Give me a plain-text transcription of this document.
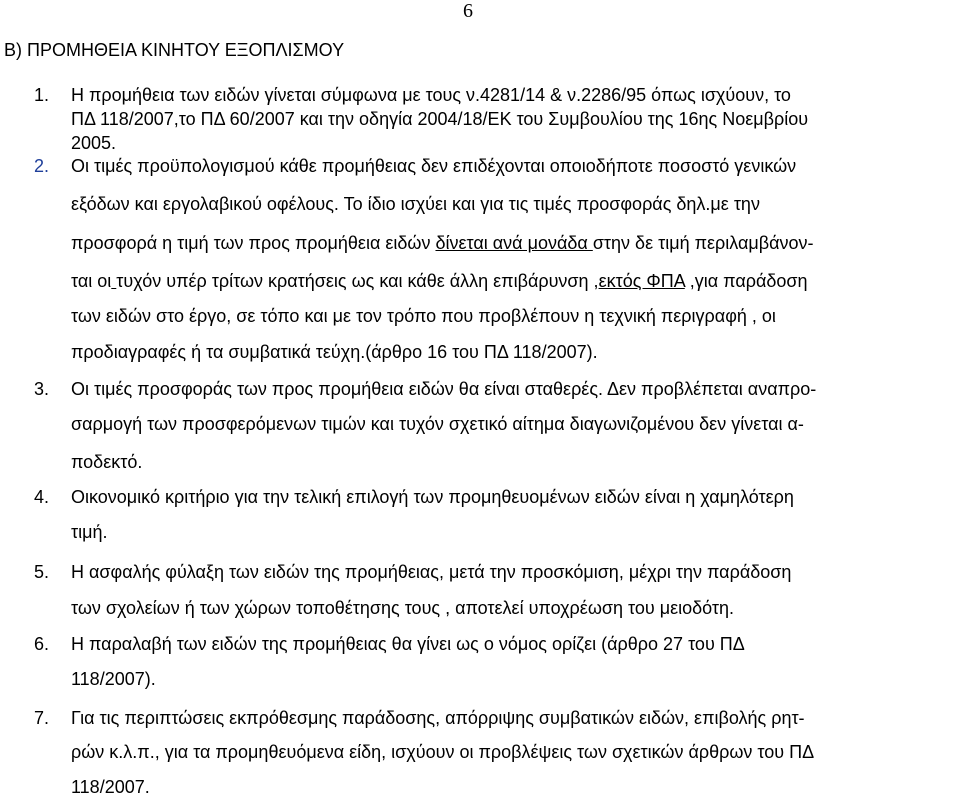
6
Β) ΠΡΟΜΗΘΕΙΑ ΚΙΝΗΤΟΥ ΕΞΟΠΛΙΣΜΟΥ
1. Η προμήθεια των ειδών γίνεται σύμφωνα με τους ν.4281/14 & ν.2286/95 όπως ισχύουν, το
ΠΔ 118/2007,το ΠΔ 60/2007 και την οδηγία 2004/18/ΕΚ του Συμβουλίου της 16ης Νοεμβρίου
2005.
2. Οι τιμές προϋπολογισμού κάθε προμήθειας δεν επιδέχονται οποιοδήποτε ποσοστό γενικών
εξόδων και εργολαβικού οφέλους. Το ίδιο ισχύει και για τις τιμές προσφοράς δηλ.με την
προσφορά η τιμή των προς προμήθεια ειδών δίνεται ανά μονάδα στην δε τιμή περιλαμβάνον-
ται οι τυχόν υπέρ τρίτων κρατήσεις ως και κάθε άλλη επιβάρυνση ,εκτός ΦΠΑ ,για παράδοση
των ειδών στο έργο, σε τόπο και με τον τρόπο που προβλέπουν η τεχνική περιγραφή , οι
προδιαγραφές ή τα συμβατικά τεύχη.(άρθρο 16 του ΠΔ 118/2007).
3. Οι τιμές προσφοράς των προς προμήθεια ειδών θα είναι σταθερές. Δεν προβλέπεται αναπρο-
σαρμογή των προσφερόμενων τιμών και τυχόν σχετικό αίτημα διαγωνιζομένου δεν γίνεται α-
ποδεκτό.
4. Οικονομικό κριτήριο για την τελική επιλογή των προμηθευομένων ειδών είναι η χαμηλότερη
τιμή.
5. Η ασφαλής φύλαξη των ειδών της προμήθειας, μετά την προσκόμιση, μέχρι την παράδοση
των σχολείων ή των χώρων τοποθέτησης τους , αποτελεί υποχρέωση του μειοδότη.
6. Η παραλαβή των ειδών της προμήθειας θα γίνει ως ο νόμος ορίζει (άρθρο 27 του ΠΔ
118/2007).
7. Για τις περιπτώσεις εκπρόθεσμης παράδοσης, απόρριψης συμβατικών ειδών, επιβολής ρητ-
ρών κ.λ.π., για τα προμηθευόμενα είδη, ισχύουν οι προβλέψεις των σχετικών άρθρων του ΠΔ
118/2007.
